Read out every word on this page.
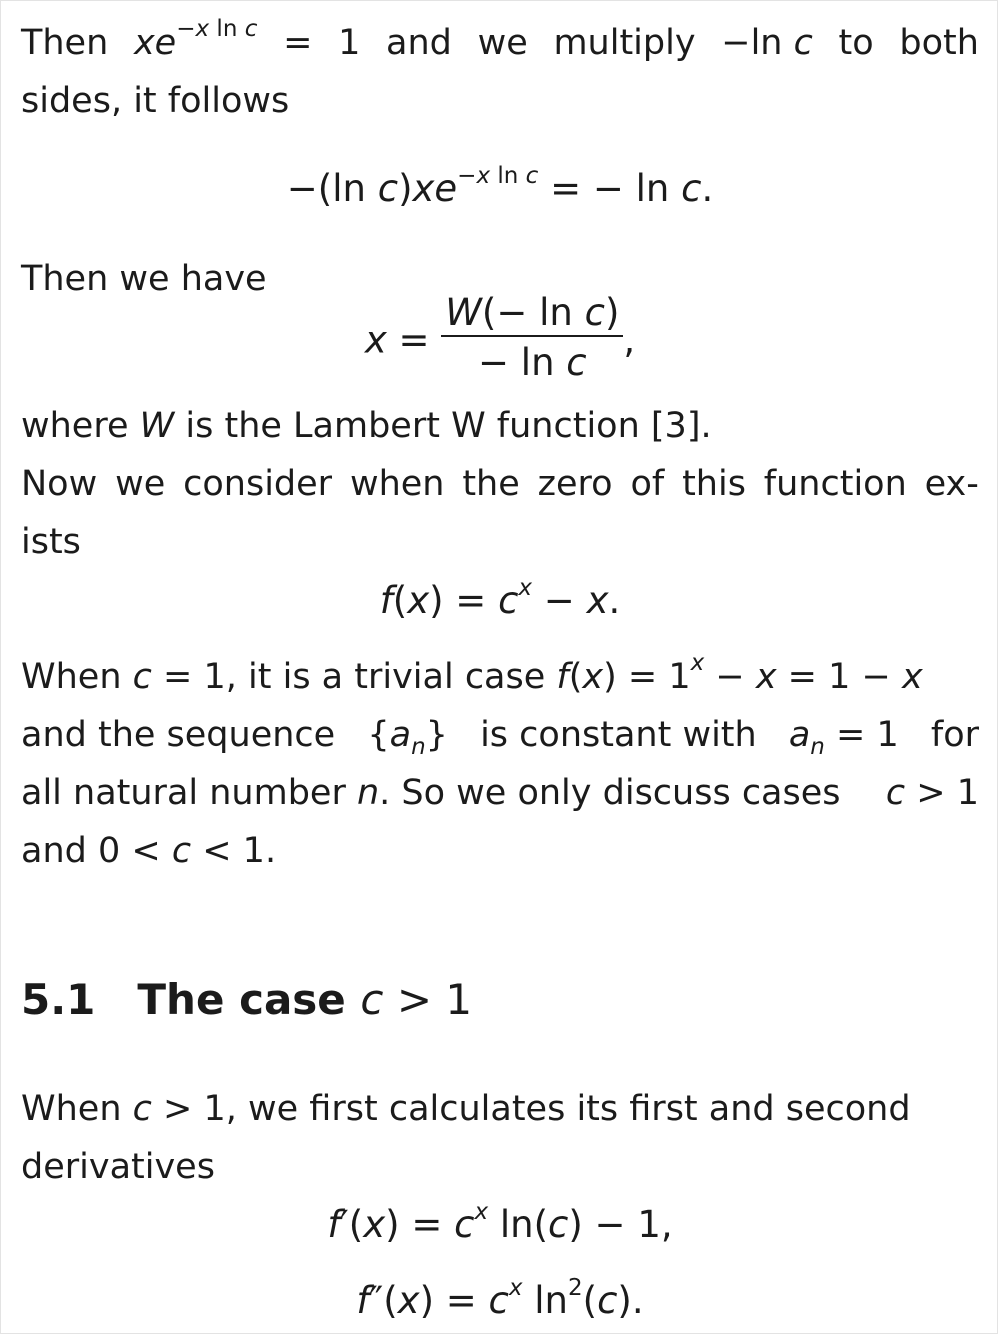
Then $xe^{-x ln c} = 1$ and we multiply −ln c to both
sides, it follows
−(ln $c)xe^{-x ln c}$ = − ln c.
Then we have
$x = \frac{\text{W(− ln c)}}{\text{− ln c}}$ ,
where W is the Lambert W function [3].
Now we consider when the zero of this function ex-
ists
$f(x) = c^x - x$.
When c = 1, it is a trivial case $f(x) = 1^x - x = 1 - x$
and the sequence $\{a_n\}$ is constant with $a_n = 1$ for
all natural number n. So we only discuss cases c > 1
and 0 < c < 1.
5.1 The case c > 1
When c > 1, we first calculates its first and second
derivatives
$f'(x) = c^x$ ln(c) − 1,
$f''(x) = c^x$ $\ln^2(c)$.
